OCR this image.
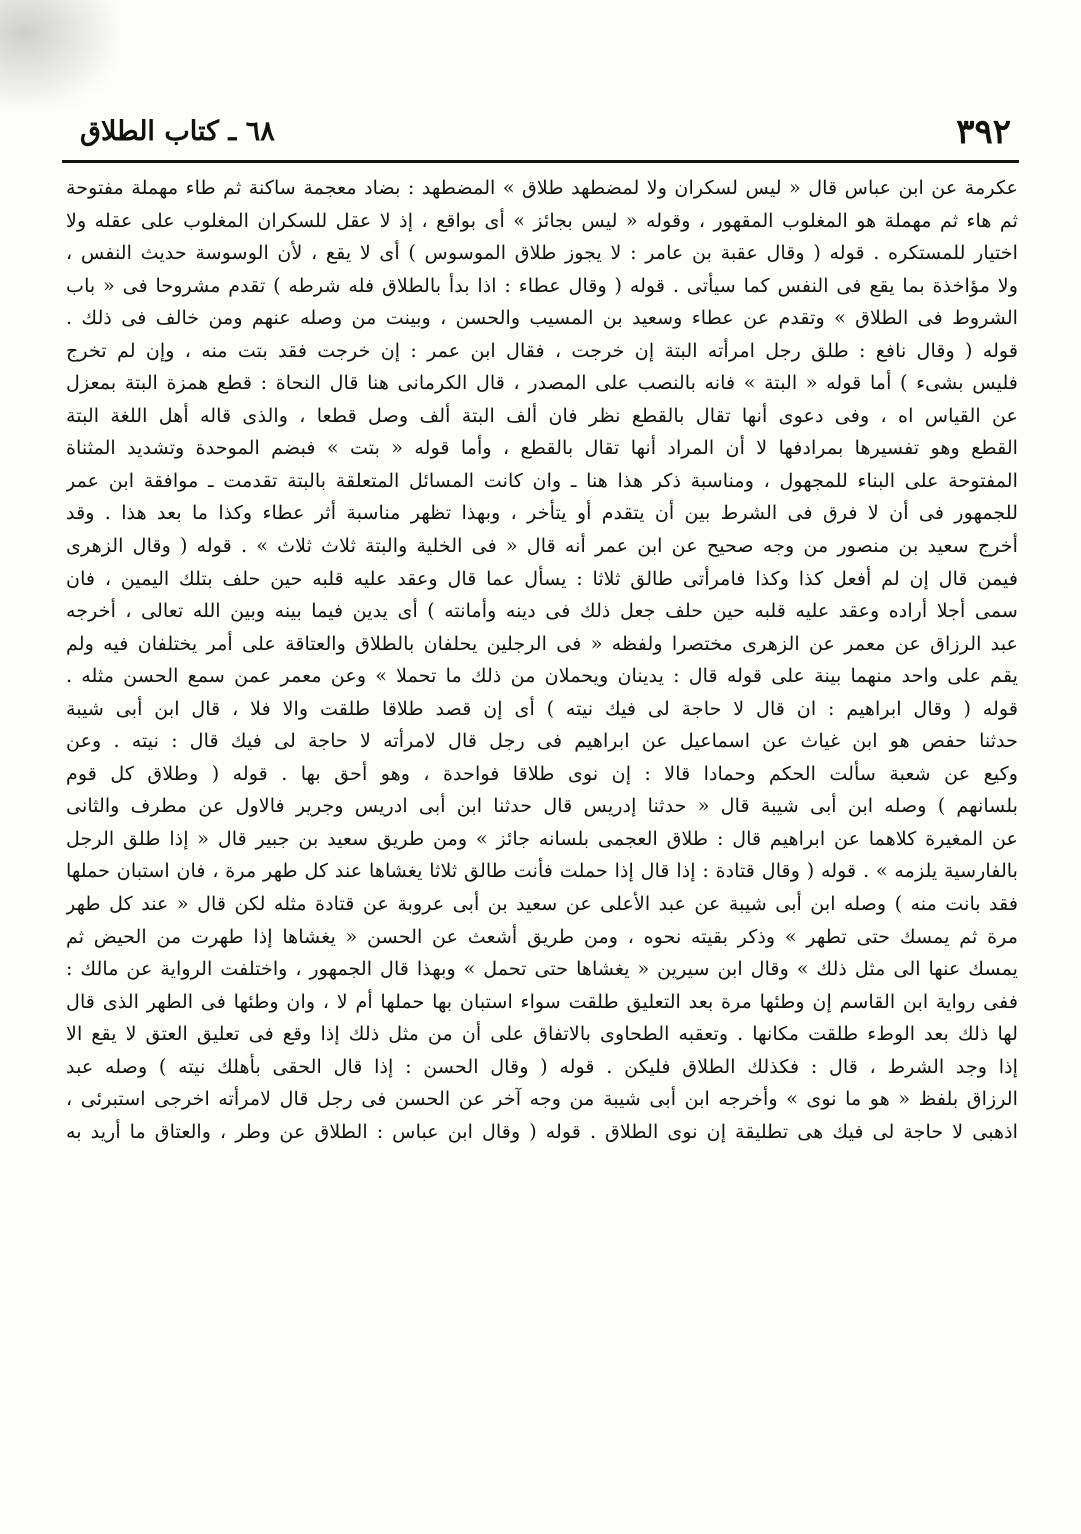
٣٩٢
٦٨ ـ كتاب الطلاق
عكرمة عن ابن عباس قال « ليس لسكران ولا لمضطهد طلاق » المضطهد : بضاد معجمة ساكنة ثم طاء مهملة مفتوحة
ثم هاء ثم مهملة هو المغلوب المقهور ، وقوله « ليس بجائز » أى بواقع ، إذ لا عقل للسكران المغلوب على عقله ولا
اختيار للمستكره . قوله ( وقال عقبة بن عامر : لا يجوز طلاق الموسوس ) أى لا يقع ، لأن الوسوسة حديث النفس ،
ولا مؤاخذة بما يقع فى النفس كما سيأتى . قوله ( وقال عطاء : اذا بدأ بالطلاق فله شرطه ) تقدم مشروحا فى « باب
الشروط فى الطلاق » وتقدم عن عطاء وسعيد بن المسيب والحسن ، وبينت من وصله عنهم ومن خالف فى ذلك .
قوله ( وقال نافع : طلق رجل امرأته البتة إن خرجت ، فقال ابن عمر : إن خرجت فقد بتت منه ، وإن لم تخرج
فليس بشىء ) أما قوله « البتة » فانه بالنصب على المصدر ، قال الكرمانى هنا قال النحاة : قطع همزة البتة بمعزل
عن القياس اه ، وفى دعوى أنها تقال بالقطع نظر فان ألف البتة ألف وصل قطعا ، والذى قاله أهل اللغة البتة
القطع وهو تفسيرها بمرادفها لا أن المراد أنها تقال بالقطع ، وأما قوله « بتت » فبضم الموحدة وتشديد المثناة
المفتوحة على البناء للمجهول ، ومناسبة ذكر هذا هنا ـ وان كانت المسائل المتعلقة بالبتة تقدمت ـ موافقة ابن عمر
للجمهور فى أن لا فرق فى الشرط بين أن يتقدم أو يتأخر ، وبهذا تظهر مناسبة أثر عطاء وكذا ما بعد هذا . وقد
أخرج سعيد بن منصور من وجه صحيح عن ابن عمر أنه قال « فى الخلية والبتة ثلاث ثلاث » . قوله ( وقال الزهرى
فيمن قال إن لم أفعل كذا وكذا فامرأتى طالق ثلاثا : يسأل عما قال وعقد عليه قلبه حين حلف بتلك اليمين ، فان
سمى أجلا أراده وعقد عليه قلبه حين حلف جعل ذلك فى دينه وأمانته ) أى يدين فيما بينه وبين الله تعالى ، أخرجه
عبد الرزاق عن معمر عن الزهرى مختصرا ولفظه « فى الرجلين يحلفان بالطلاق والعتاقة على أمر يختلفان فيه ولم
يقم على واحد منهما بينة على قوله قال : يدينان ويحملان من ذلك ما تحملا » وعن معمر عمن سمع الحسن مثله .
قوله ( وقال ابراهيم : ان قال لا حاجة لى فيك نيته ) أى إن قصد طلاقا طلقت والا فلا ، قال ابن أبى شيبة
حدثنا حفص هو ابن غياث عن اسماعيل عن ابراهيم فى رجل قال لامرأته لا حاجة لى فيك قال : نيته . وعن
وكيع عن شعبة سألت الحكم وحمادا قالا : إن نوى طلاقا فواحدة ، وهو أحق بها . قوله ( وطلاق كل قوم
بلسانهم ) وصله ابن أبى شيبة قال « حدثنا إدريس قال حدثنا ابن أبى ادريس وجرير فالاول عن مطرف والثانى
عن المغيرة كلاهما عن ابراهيم قال : طلاق العجمى بلسانه جائز » ومن طريق سعيد بن جبير قال « إذا طلق الرجل
بالفارسية يلزمه » . قوله ( وقال قتادة : إذا قال إذا حملت فأنت طالق ثلاثا يغشاها عند كل طهر مرة ، فان استبان حملها
فقد بانت منه ) وصله ابن أبى شيبة عن عبد الأعلى عن سعيد بن أبى عروبة عن قتادة مثله لكن قال « عند كل طهر
مرة ثم يمسك حتى تطهر » وذكر بقيته نحوه ، ومن طريق أشعث عن الحسن « يغشاها إذا طهرت من الحيض ثم
يمسك عنها الى مثل ذلك » وقال ابن سيرين « يغشاها حتى تحمل » وبهذا قال الجمهور ، واختلفت الرواية عن مالك :
ففى رواية ابن القاسم إن وطئها مرة بعد التعليق طلقت سواء استبان بها حملها أم لا ، وان وطئها فى الطهر الذى قال
لها ذلك بعد الوطء طلقت مكانها . وتعقبه الطحاوى بالاتفاق على أن من مثل ذلك إذا وقع فى تعليق العتق لا يقع الا
إذا وجد الشرط ، قال : فكذلك الطلاق فليكن . قوله ( وقال الحسن : إذا قال الحقى بأهلك نيته ) وصله عبد
الرزاق بلفظ « هو ما نوى » وأخرجه ابن أبى شيبة من وجه آخر عن الحسن فى رجل قال لامرأته اخرجى استبرئى ،
اذهبى لا حاجة لى فيك هى تطليقة إن نوى الطلاق . قوله ( وقال ابن عباس : الطلاق عن وطر ، والعتاق ما أريد به
